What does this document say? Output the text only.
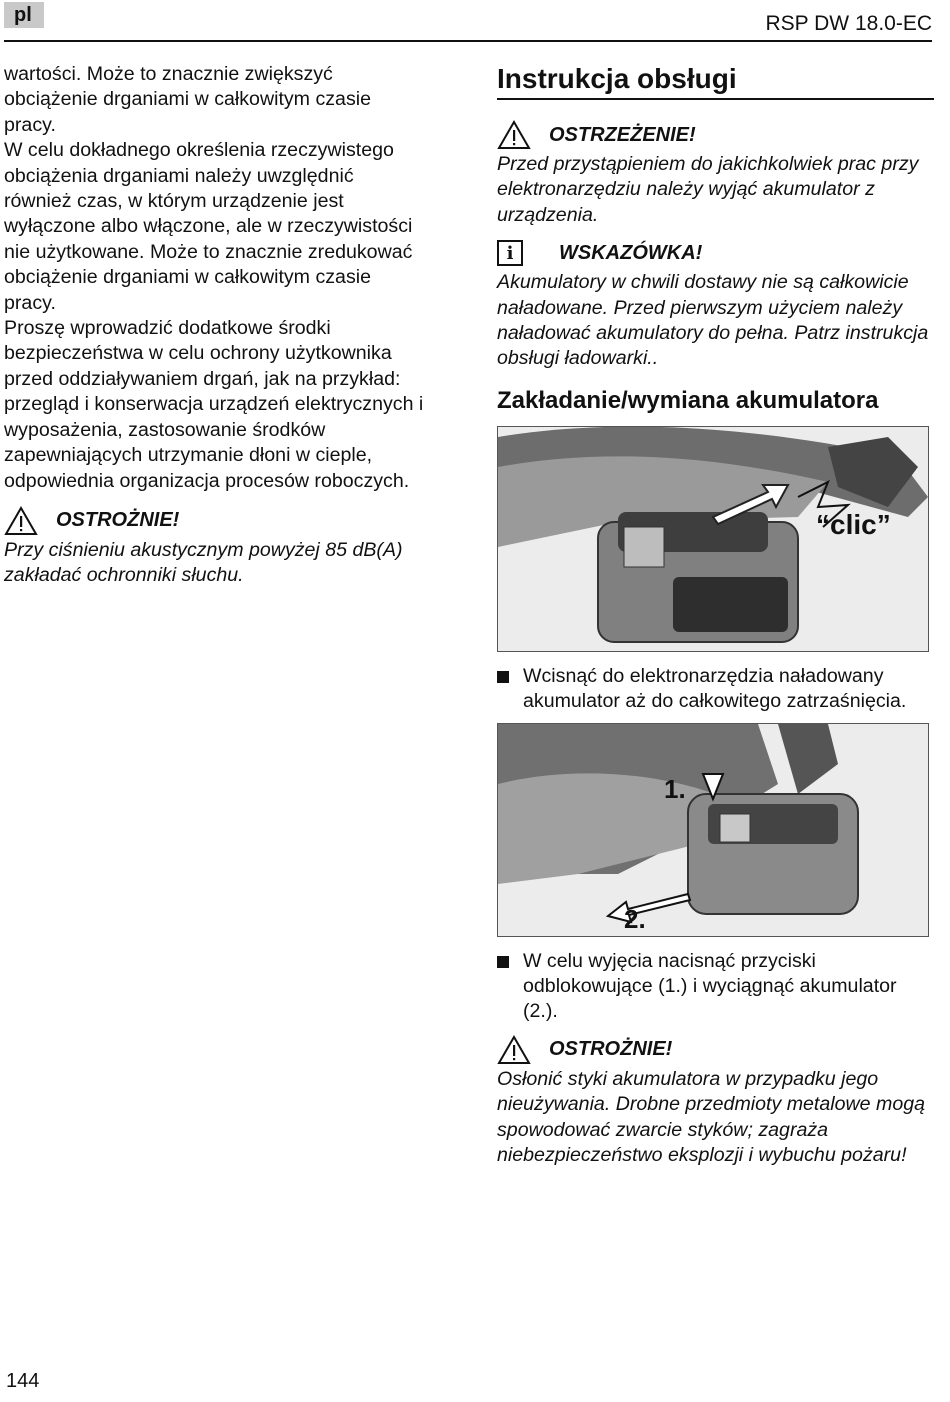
pl	RSP DW 18.0-EC

wartości. Może to znacznie zwiększyć obciążenie drganiami w całkowitym czasie pracy.

W celu dokładnego określenia rzeczywistego obciążenia drganiami należy uwzględnić również czas, w którym urządzenie jest wyłączone albo włączone, ale w rzeczywistości nie użytkowane. Może to znacznie zredukować obciążenie drganiami w całkowitym czasie pracy.

Proszę wprowadzić dodatkowe środki bezpieczeństwa w celu ochrony użytkownika przed oddziaływaniem drgań, jak na przykład: przegląd i konserwacja urządzeń elektrycznych i wyposażenia, zastosowanie środków zapewniających utrzymanie dłoni w cieple, odpowiednia organizacja procesów roboczych.

OSTROŻNIE!

Przy ciśnieniu akustycznym powyżej 85 dB(A) zakładać ochronniki słuchu.

Instrukcja obsługi
OSTRZEŻENIE!

Przed przystąpieniem do jakichkolwiek prac przy elektronarzędziu należy wyjąć akumulator z urządzenia.

i	WSKAZÓWKA!

Akumulatory w chwili dostawy nie są całkowicie naładowane. Przed pierwszym użyciem należy naładować akumulatory do pełna. Patrz instrukcja obsługi ładowarki..

Zakładanie/wymiana akumulatora
“clic”
Wcisnąć do elektronarzędzia naładowany akumulator aż do całkowitego zatrzaśnięcia.
1.
2.
W celu wyjęcia nacisnąć przyciski odblokowujące (1.) i wyciągnąć akumulator (2.).
OSTROŻNIE!

Osłonić styki akumulatora w przypadku jego nieużywania. Drobne przedmioty metalowe mogą spowodować zwarcie styków; zagraża niebezpieczeństwo eksplozji i wybuchu pożaru!

144
